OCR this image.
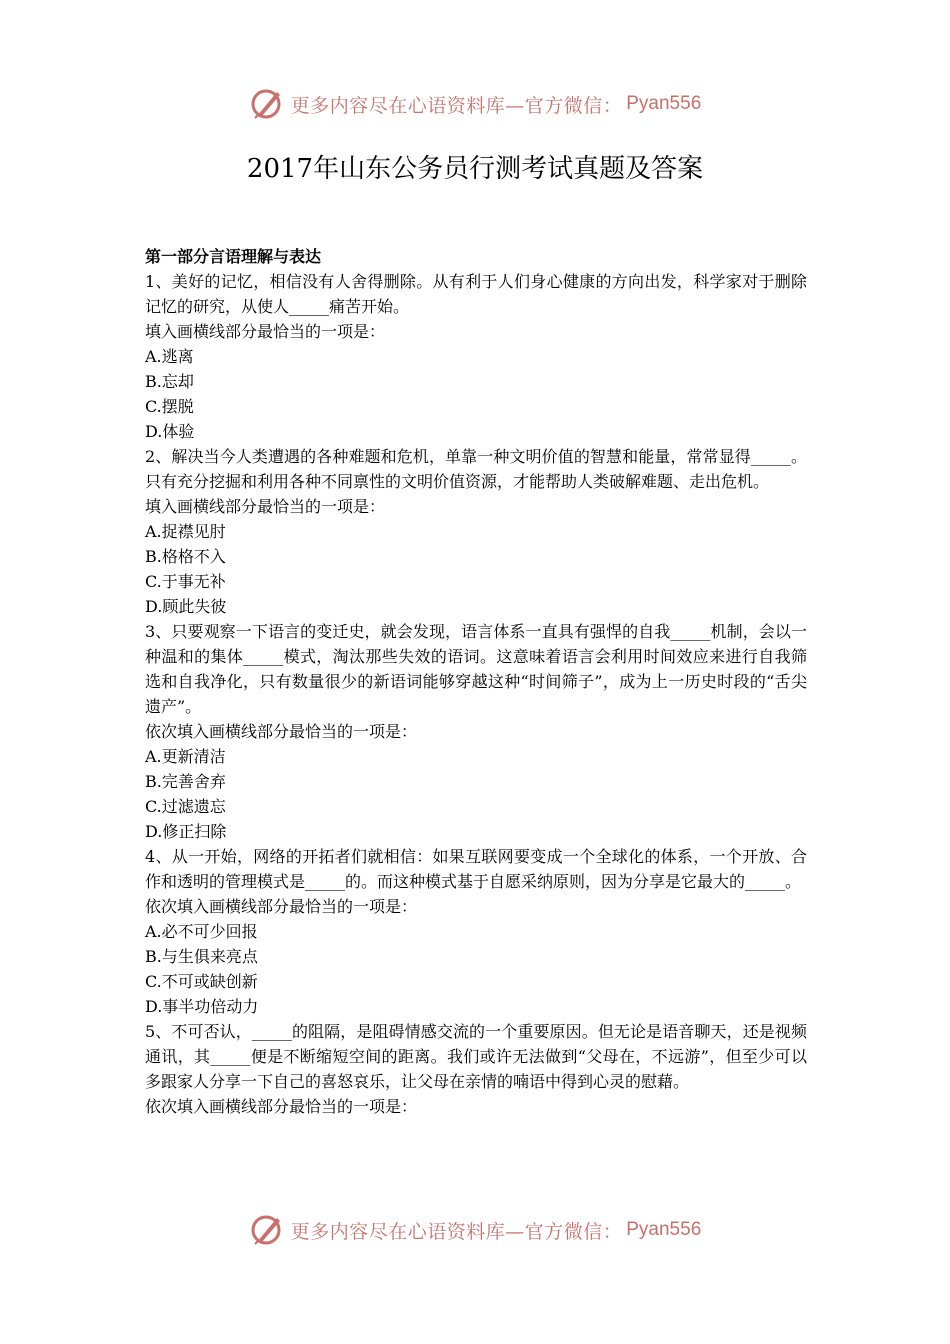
更多内容尽在心语资料库—官方微信： Pyan556
2017年山东公务员行测考试真题及答案

第一部分言语理解与表达

1、美好的记忆，相信没有人舍得删除。从有利于人们身心健康的方向出发，科学家对于删除记忆的研究，从使人_____痛苦开始。

填入画横线部分最恰当的一项是：

A.逃离

B.忘却

C.摆脱

D.体验

2、解决当今人类遭遇的各种难题和危机，单靠一种文明价值的智慧和能量，常常显得_____。只有充分挖掘和利用各种不同禀性的文明价值资源，才能帮助人类破解难题、走出危机。

填入画横线部分最恰当的一项是：

A.捉襟见肘

B.格格不入

C.于事无补

D.顾此失彼

3、只要观察一下语言的变迁史，就会发现，语言体系一直具有强悍的自我_____机制，会以一种温和的集体_____模式，淘汰那些失效的语词。这意味着语言会利用时间效应来进行自我筛选和自我净化，只有数量很少的新语词能够穿越这种“时间筛子”，成为上一历史时段的“舌尖遗产”。

依次填入画横线部分最恰当的一项是：

A.更新清洁

B.完善舍弃

C.过滤遗忘

D.修正扫除

4、从一开始，网络的开拓者们就相信：如果互联网要变成一个全球化的体系，一个开放、合作和透明的管理模式是_____的。而这种模式基于自愿采纳原则，因为分享是它最大的_____。

依次填入画横线部分最恰当的一项是：

A.必不可少回报

B.与生俱来亮点

C.不可或缺创新

D.事半功倍动力

5、不可否认，_____的阻隔，是阻碍情感交流的一个重要原因。但无论是语音聊天，还是视频通讯，其_____便是不断缩短空间的距离。我们或许无法做到“父母在，不远游”，但至少可以多跟家人分享一下自己的喜怒哀乐，让父母在亲情的喃语中得到心灵的慰藉。

依次填入画横线部分最恰当的一项是：

更多内容尽在心语资料库—官方微信： Pyan556
